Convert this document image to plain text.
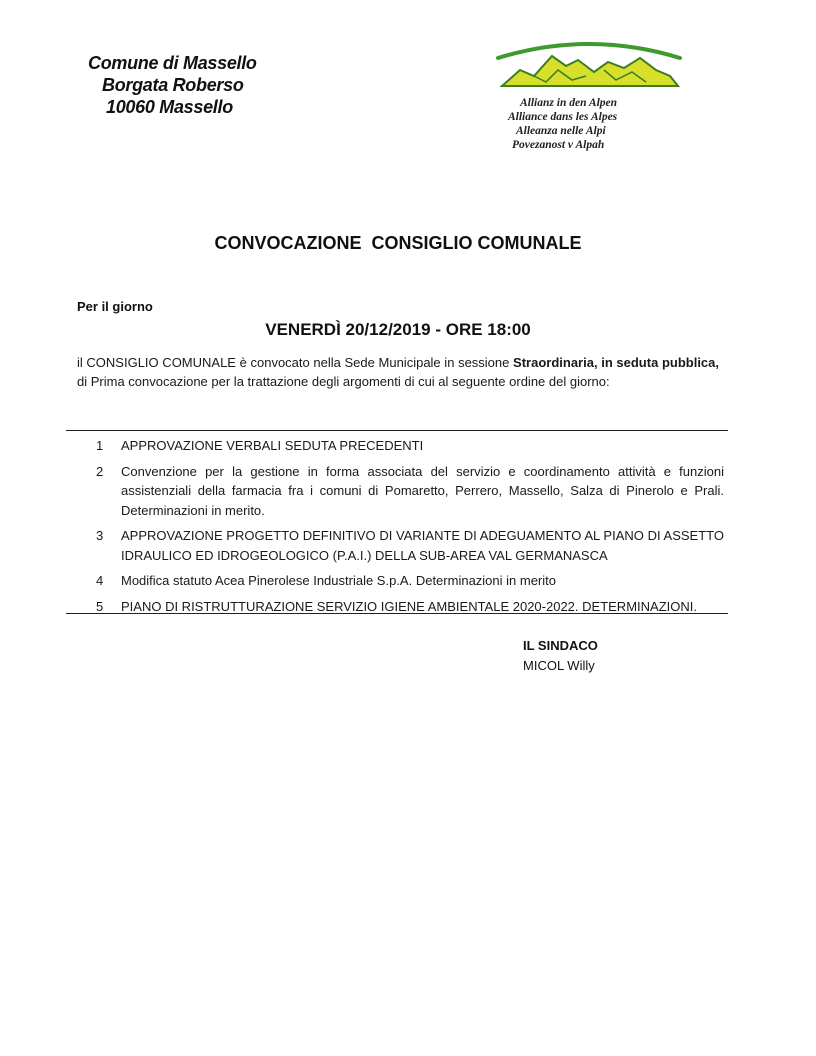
Comune di Massello
Borgata Roberso
10060 Massello	Allianz in den Alpen
Alliance dans les Alpes
Alleanza nelle Alpi
Povezanost v Alpah
CONVOCAZIONE  CONSIGLIO COMUNALE
Per il giorno
VENERDÌ 20/12/2019 - ORE 18:00
il CONSIGLIO COMUNALE è convocato nella Sede Municipale in sessione Straordinaria, in seduta pubblica, di Prima convocazione per la trattazione degli argomenti di cui al seguente ordine del giorno:
1	APPROVAZIONE VERBALI SEDUTA PRECEDENTI
2	Convenzione per la gestione in forma associata del servizio e coordinamento attività e funzioni assistenziali della farmacia fra i comuni di Pomaretto, Perrero, Massello, Salza di Pinerolo e Prali. Determinazioni in merito.
3	APPROVAZIONE PROGETTO DEFINITIVO DI VARIANTE DI ADEGUAMENTO AL PIANO DI ASSETTO IDRAULICO ED IDROGEOLOGICO (P.A.I.) DELLA SUB-AREA VAL GERMANASCA
4	Modifica statuto Acea Pinerolese Industriale S.p.A. Determinazioni in merito
5	PIANO DI RISTRUTTURAZIONE SERVIZIO IGIENE AMBIENTALE 2020-2022. DETERMINAZIONI.
IL SINDACO
MICOL Willy
